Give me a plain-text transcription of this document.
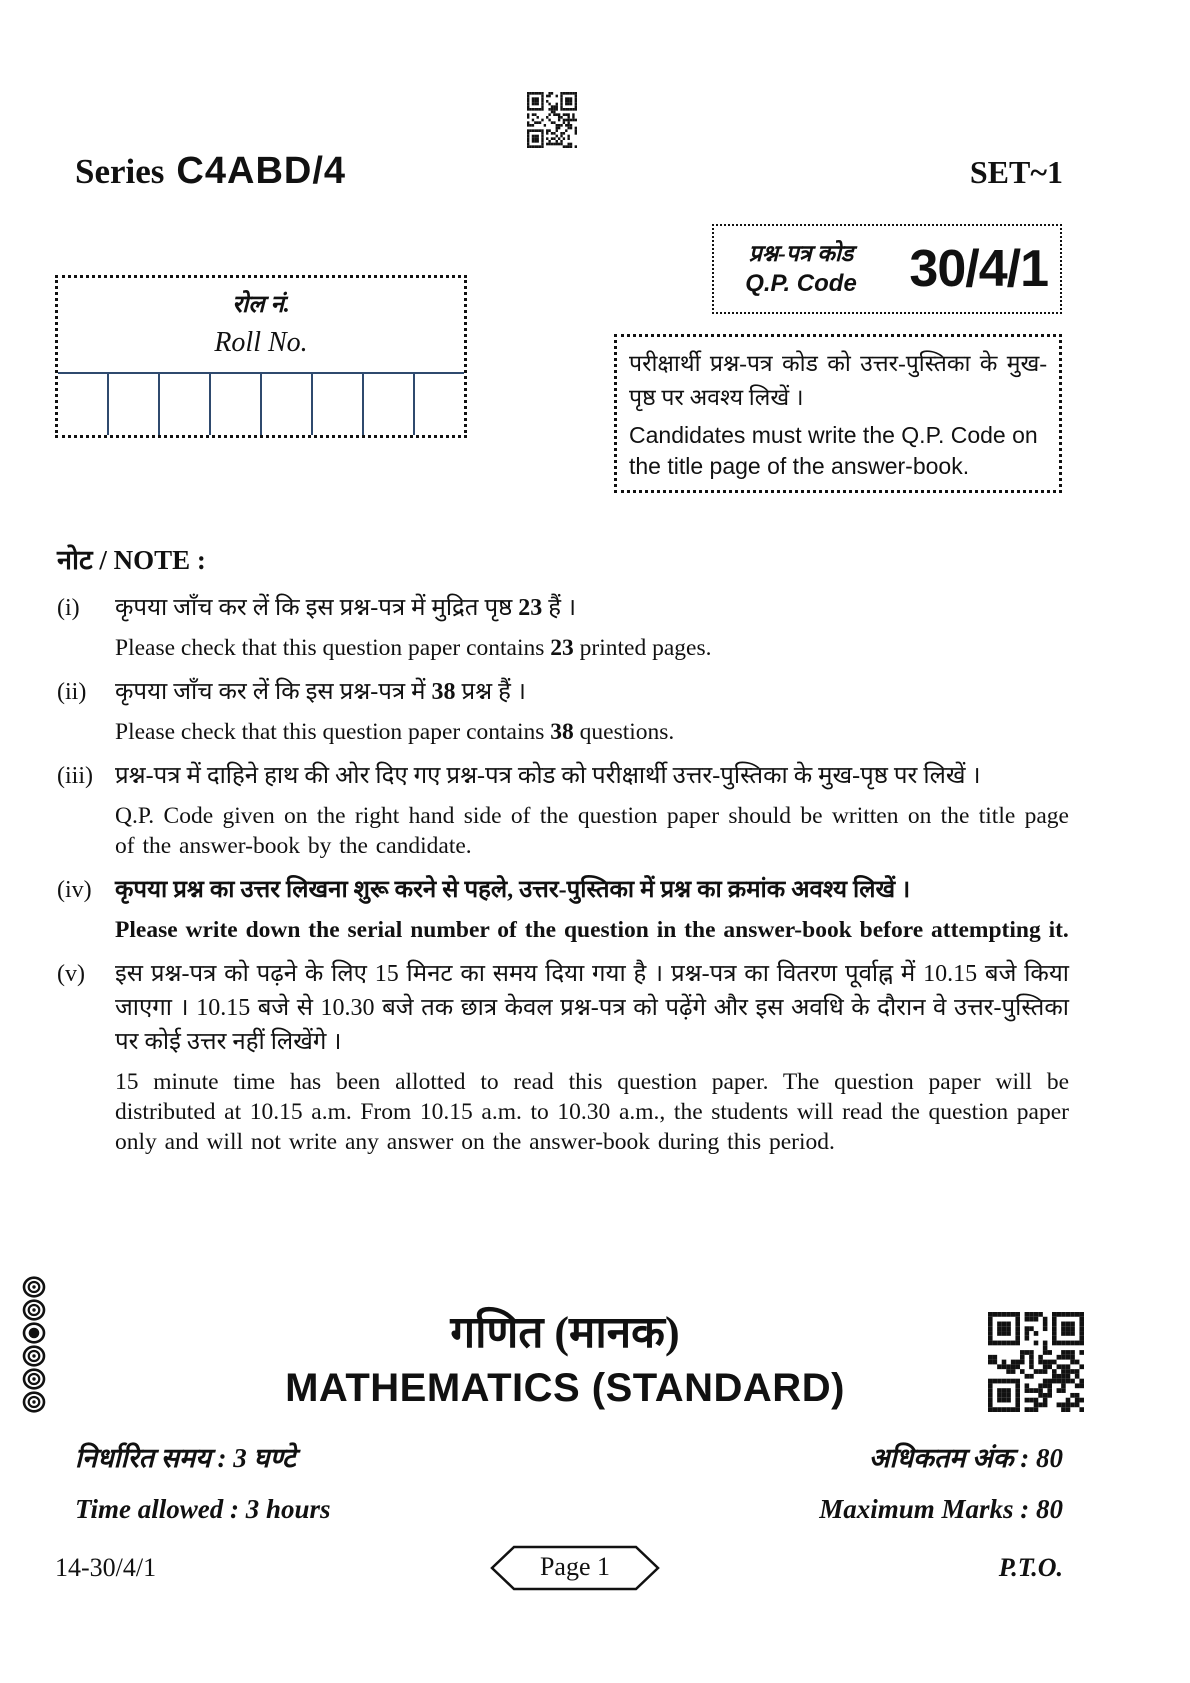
Series C4ABD/4	SET~1
प्रश्न-पत्र कोड
Q.P. Code	30/4/1
रोल नं.
Roll No.
परीक्षार्थी प्रश्न-पत्र कोड को उत्तर-पुस्तिका के मुख-पृष्ठ पर अवश्य लिखें ।
Candidates must write the Q.P. Code on the title page of the answer-book.
नोट / NOTE :
(i)	कृपया जाँच कर लें कि इस प्रश्न-पत्र में मुद्रित पृष्ठ 23 हैं ।

Please check that this question paper contains 23 printed pages.

(ii)	कृपया जाँच कर लें कि इस प्रश्न-पत्र में 38 प्रश्न हैं ।

Please check that this question paper contains 38 questions.

(iii) प्रश्न-पत्र में दाहिने हाथ की ओर दिए गए प्रश्न-पत्र कोड को परीक्षार्थी उत्तर-पुस्तिका के मुख-पृष्ठ पर लिखें ।

Q.P. Code given on the right hand side of the question paper should be written on the title page of the answer-book by the candidate.

(iv) कृपया प्रश्न का उत्तर लिखना शुरू करने से पहले, उत्तर-पुस्तिका में प्रश्न का क्रमांक अवश्य लिखें ।

Please write down the serial number of the question in the answer-book before attempting it.

(v)	इस प्रश्न-पत्र को पढ़ने के लिए 15 मिनट का समय दिया गया है । प्रश्न-पत्र का वितरण पूर्वाह्न में 10.15 बजे किया जाएगा । 10.15 बजे से 10.30 बजे तक छात्र केवल प्रश्न-पत्र को पढ़ेंगे और इस अवधि के दौरान वे उत्तर-पुस्तिका पर कोई उत्तर नहीं लिखेंगे ।

15 minute time has been allotted to read this question paper. The question paper will be distributed at 10.15 a.m. From 10.15 a.m. to 10.30 a.m., the students will read the question paper only and will not write any answer on the answer-book during this period.

गणित (मानक)
MATHEMATICS (STANDARD)
निर्धारित समय : 3 घण्टे	अधिकतम अंक : 80
Time allowed : 3 hours	Maximum Marks : 80
14-30/4/1	Page 1	P.T.O.
